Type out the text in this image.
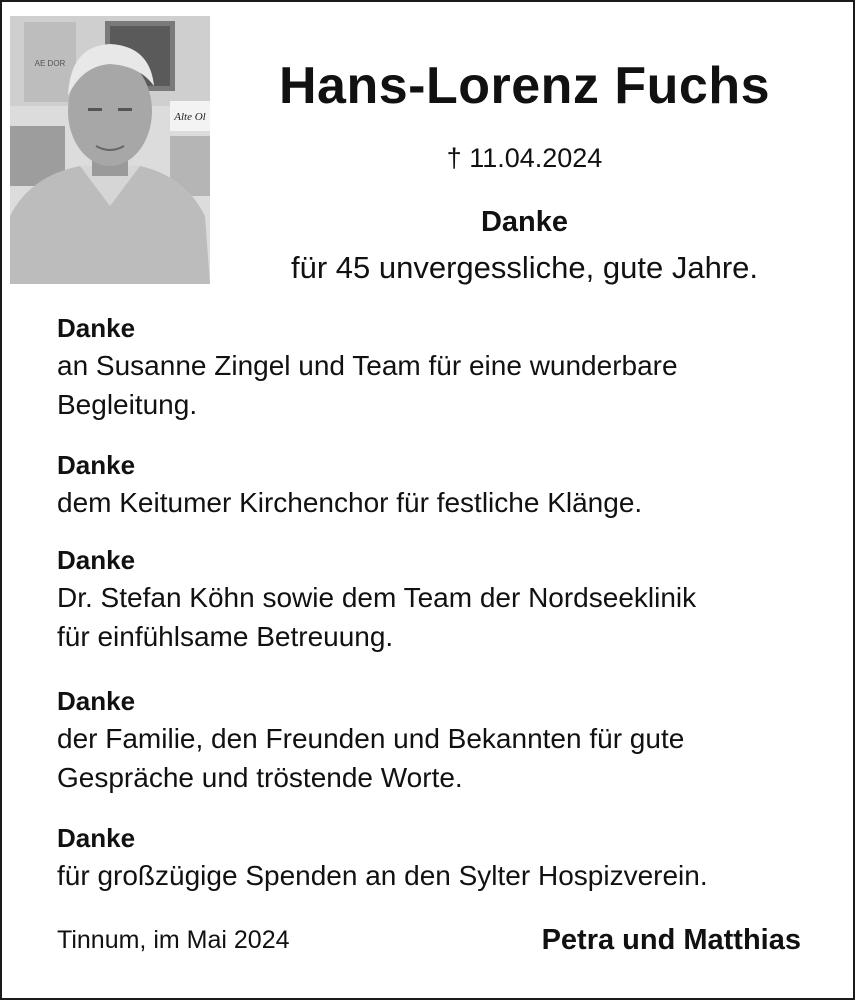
AE DOR
Alte Ol
Hans-Lorenz Fuchs
† 11.04.2024
Danke
für 45 unvergessliche, gute Jahre.
Danke
an Susanne Zingel und Team für eine wunderbare
Begleitung.
Danke
dem Keitumer Kirchenchor für festliche Klänge.
Danke
Dr. Stefan Köhn sowie dem Team der Nordseeklinik
für einfühlsame Betreuung.
Danke
der Familie, den Freunden und Bekannten für gute
Gespräche und tröstende Worte.
Danke
für großzügige Spenden an den Sylter Hospizverein.
Tinnum, im Mai 2024	Petra und Matthias
